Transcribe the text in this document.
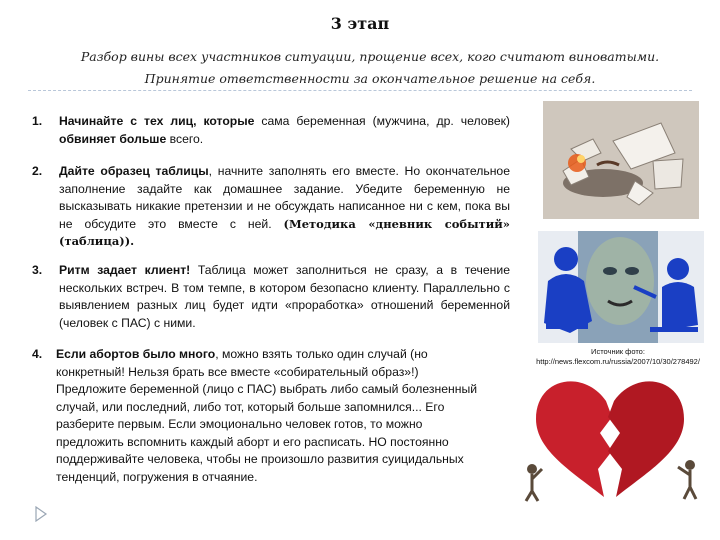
3 этап
Разбор вины всех участников ситуации, прощение всех, кого считают виноватыми.
Принятие ответственности за окончательное решение на себя.
1. Начинайте с тех лиц, которые сама беременная (мужчина, др. человек) обвиняет больше всего.
2. Дайте образец таблицы, начните заполнять его вместе. Но окончательное заполнение задайте как домашнее задание. Убедите беременную не высказывать никакие претензии и не обсуждать написанное ни с кем, пока вы не обсудите это вместе с ней. (Методика «дневник событий» (таблица)).
3. Ритм задает клиент! Таблица может заполниться не сразу, а в течение нескольких встреч. В том темпе, в котором безопасно клиенту. Параллельно с выявлением разных лиц будет идти «проработка» отношений беременной (человек с ПАС) с ними.
4. Если абортов было много, можно взять только один случай (но конкретный! Нельзя брать все вместе «собирательный образ»!) Предложите беременной (лицо с ПАС) выбрать либо самый болезненный случай, или последний, либо тот, который больше запомнился... Его разберите первым. Если эмоционально человек готов, то можно предложить вспомнить каждый аборт и его расписать. НО постоянно поддерживайте человека, чтобы не произошло развития суицидальных тенденций, погружения в отчаяние.
Источник фото:
http://news.flexcom.ru/russia/2007/10/30/278492/
